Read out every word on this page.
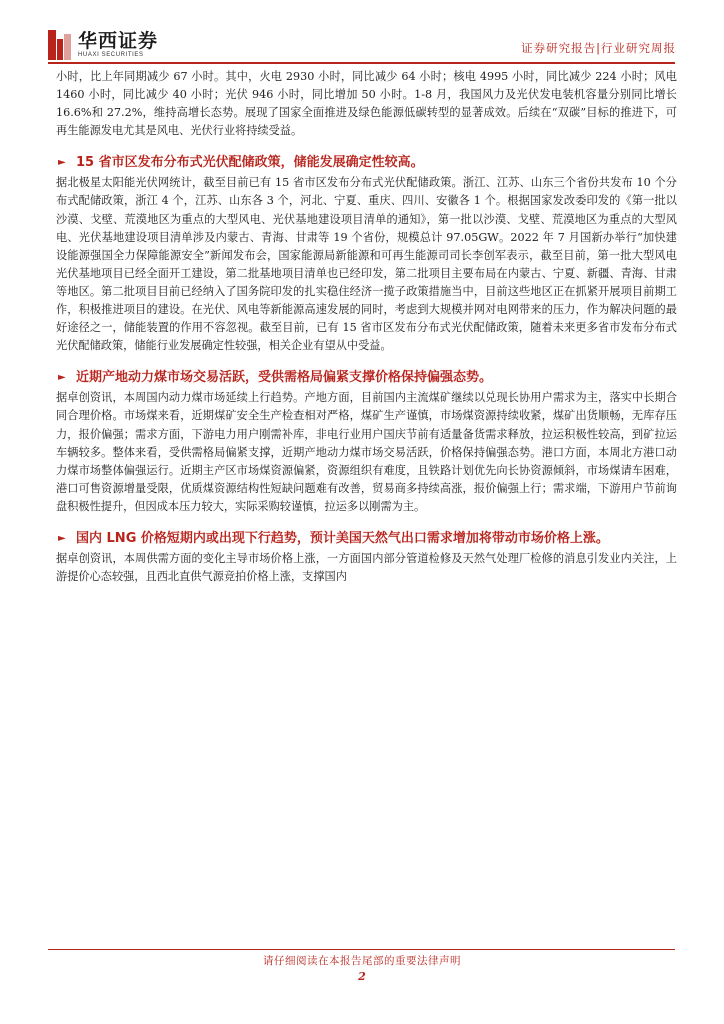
华西证券
HUAXI SECURITIES	证券研究报告|行业研究周报

小时，比上年同期减少 67 小时。其中，火电 2930 小时，同比减少 64 小时；核电 4995 小时，同比减少 224 小时；风电 1460 小时，同比减少 40 小时；光伏 946 小时，同比增加 50 小时。1-8 月，我国风力及光伏发电装机容量分别同比增长 16.6%和 27.2%，维持高增长态势。展现了国家全面推进及绿色能源低碳转型的显著成效。后续在“双碳”目标的推进下，可再生能源发电尤其是风电、光伏行业将持续受益。

► 15 省市区发布分布式光伏配储政策，储能发展确定性较高。

据北极星太阳能光伏网统计，截至目前已有 15 省市区发布分布式光伏配储政策。浙江、江苏、山东三个省份共发布 10 个分布式配储政策，浙江 4 个，江苏、山东各 3 个，河北、宁夏、重庆、四川、安徽各 1 个。根据国家发改委印发的《第一批以沙漠、戈壁、荒漠地区为重点的大型风电、光伏基地建设项目清单的通知》，第一批以沙漠、戈壁、荒漠地区为重点的大型风电、光伏基地建设项目清单涉及内蒙古、青海、甘肃等 19 个省份，规模总计 97.05GW。2022 年 7 月国新办举行“加快建设能源强国全力保障能源安全”新闻发布会，国家能源局新能源和可再生能源司司长李创军表示，截至目前，第一批大型风电光伏基地项目已经全面开工建设，第二批基地项目清单也已经印发，第二批项目主要布局在内蒙古、宁夏、新疆、青海、甘肃等地区。第二批项目目前已经纳入了国务院印发的扎实稳住经济一揽子政策措施当中，目前这些地区正在抓紧开展项目前期工作，积极推进项目的建设。在光伏、风电等新能源高速发展的同时，考虑到大规模并网对电网带来的压力，作为解决问题的最好途径之一，储能装置的作用不容忽视。截至目前，已有 15 省市区发布分布式光伏配储政策，随着未来更多省市发布分布式光伏配储政策，储能行业发展确定性较强，相关企业有望从中受益。

► 近期产地动力煤市场交易活跃，受供需格局偏紧支撑价格保持偏强态势。

据卓创资讯，本周国内动力煤市场延续上行趋势。产地方面，目前国内主流煤矿继续以兑现长协用户需求为主，落实中长期合同合理价格。市场煤来看，近期煤矿安全生产检查相对严格，煤矿生产谨慎，市场煤资源持续收紧，煤矿出货顺畅，无库存压力，报价偏强；需求方面，下游电力用户刚需补库，非电行业用户国庆节前有适量备货需求释放，拉运积极性较高，到矿拉运车辆较多。整体来看，受供需格局偏紧支撑，近期产地动力煤市场交易活跃，价格保持偏强态势。港口方面，本周北方港口动力煤市场整体偏强运行。近期主产区市场煤资源偏紧，资源组织有难度，且铁路计划优先向长协资源倾斜，市场煤请车困难，港口可售资源增量受限，优质煤资源结构性短缺问题难有改善，贸易商多持续高涨，报价偏强上行；需求端，下游用户节前询盘积极性提升，但因成本压力较大，实际采购较谨慎，拉运多以刚需为主。

► 国内 LNG 价格短期内或出现下行趋势，预计美国天然气出口需求增加将带动市场价格上涨。

据卓创资讯，本周供需方面的变化主导市场价格上涨，一方面国内部分管道检修及天然气处理厂检修的消息引发业内关注，上游提价心态较强，且西北直供气源竞拍价格上涨，支撑国内

请仔细阅读在本报告尾部的重要法律声明
2
